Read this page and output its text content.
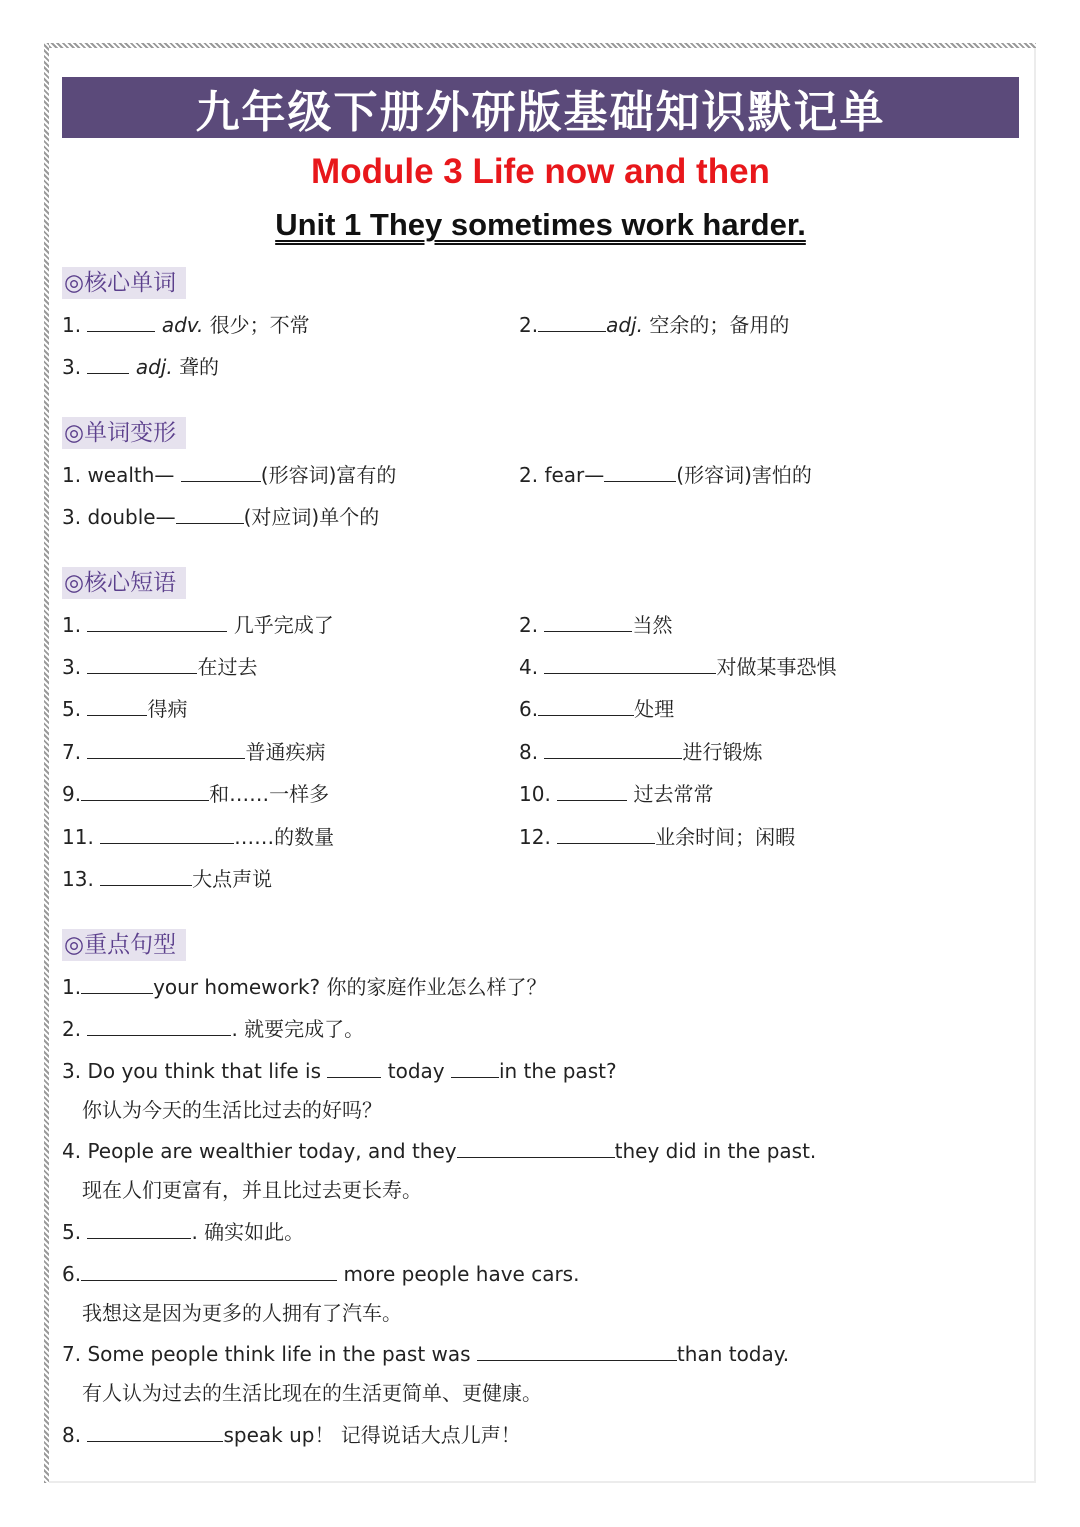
九年级下册外研版基础知识默记单
Module 3 Life now and then
Unit 1 They sometimes work harder.
◎核心单词
1.	adv. 很少；不常	2.	adj. 空余的；备用的
3.	adj. 聋的
◎单词变形
1. wealth—	(形容词)富有的	2. fear—	(形容词)害怕的
3. double—	(对应词)单个的
◎核心短语
1.	几乎完成了	2.	当然
3.	在过去	4.	对做某事恐惧
5.	得病	6.	处理
7.	普通疾病	8.	进行锻炼
9.	和……一样多	10.	过去常常
11.	……的数量	12.	业余时间；闲暇
13.	大点声说
◎重点句型
1.	your homework? 你的家庭作业怎么样了？
2.	. 就要完成了。
3. Do you think that life is	today	in the past?
你认为今天的生活比过去的好吗？
4. People are wealthier today, and they	they did in the past.
现在人们更富有，并且比过去更长寿。
5.	. 确实如此。
6.	more people have cars.
我想这是因为更多的人拥有了汽车。
7. Some people think life in the past was	than today.
有人认为过去的生活比现在的生活更简单、更健康。
8.	speak up！ 记得说话大点儿声！
